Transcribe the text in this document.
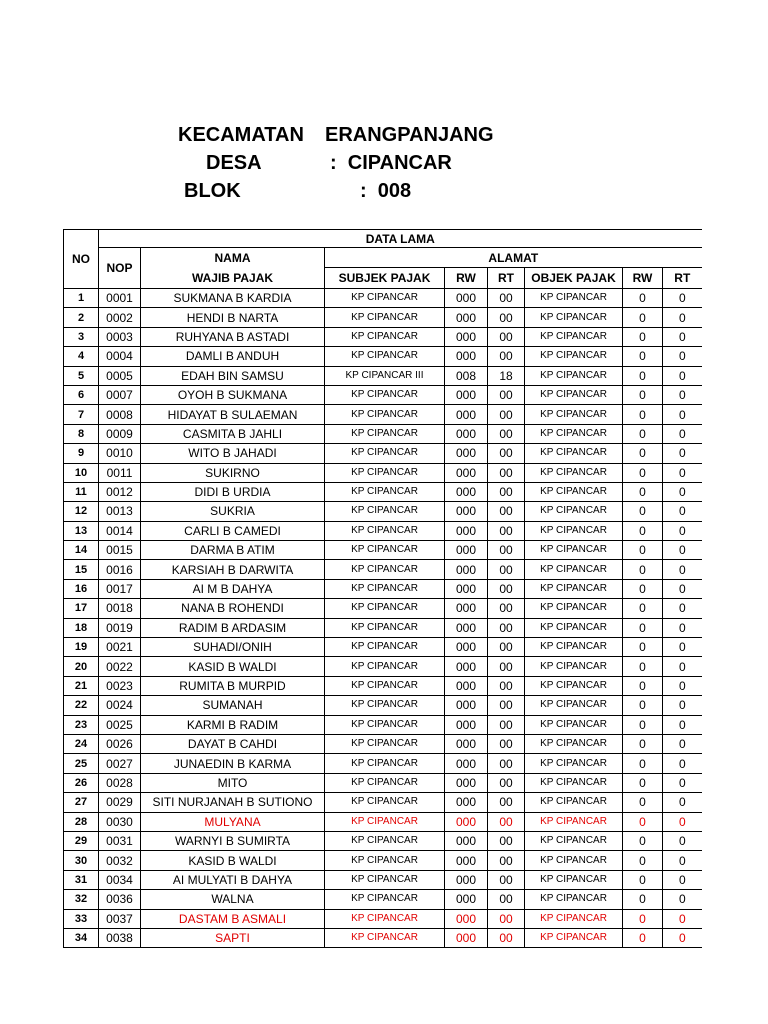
KECAMATAN ERANGPANJANG
DESA	:  CIPANCAR
BLOK	:  008
NO	DATA LAMA							
	NOP	NAMA	ALAMAT					
		WAJIB PAJAK	SUBJEK PAJAK	RW	RT	OBJEK PAJAK	RW	RT
1	0001	SUKMANA B KARDIA	KP CIPANCAR	000	00	KP CIPANCAR	0	0
2	0002	HENDI B NARTA	KP CIPANCAR	000	00	KP CIPANCAR	0	0
3	0003	RUHYANA B ASTADI	KP CIPANCAR	000	00	KP CIPANCAR	0	0
4	0004	DAMLI B ANDUH	KP CIPANCAR	000	00	KP CIPANCAR	0	0
5	0005	EDAH BIN SAMSU	KP CIPANCAR III	008	18	KP CIPANCAR	0	0
6	0007	OYOH B SUKMANA	KP CIPANCAR	000	00	KP CIPANCAR	0	0
7	0008	HIDAYAT B SULAEMAN	KP CIPANCAR	000	00	KP CIPANCAR	0	0
8	0009	CASMITA B JAHLI	KP CIPANCAR	000	00	KP CIPANCAR	0	0
9	0010	WITO B JAHADI	KP CIPANCAR	000	00	KP CIPANCAR	0	0
10	0011	SUKIRNO	KP CIPANCAR	000	00	KP CIPANCAR	0	0
11	0012	DIDI B URDIA	KP CIPANCAR	000	00	KP CIPANCAR	0	0
12	0013	SUKRIA	KP CIPANCAR	000	00	KP CIPANCAR	0	0
13	0014	CARLI B CAMEDI	KP CIPANCAR	000	00	KP CIPANCAR	0	0
14	0015	DARMA B ATIM	KP CIPANCAR	000	00	KP CIPANCAR	0	0
15	0016	KARSIAH B DARWITA	KP CIPANCAR	000	00	KP CIPANCAR	0	0
16	0017	AI M B DAHYA	KP CIPANCAR	000	00	KP CIPANCAR	0	0
17	0018	NANA B ROHENDI	KP CIPANCAR	000	00	KP CIPANCAR	0	0
18	0019	RADIM B ARDASIM	KP CIPANCAR	000	00	KP CIPANCAR	0	0
19	0021	SUHADI/ONIH	KP CIPANCAR	000	00	KP CIPANCAR	0	0
20	0022	KASID B WALDI	KP CIPANCAR	000	00	KP CIPANCAR	0	0
21	0023	RUMITA B MURPID	KP CIPANCAR	000	00	KP CIPANCAR	0	0
22	0024	SUMANAH	KP CIPANCAR	000	00	KP CIPANCAR	0	0
23	0025	KARMI B RADIM	KP CIPANCAR	000	00	KP CIPANCAR	0	0
24	0026	DAYAT B CAHDI	KP CIPANCAR	000	00	KP CIPANCAR	0	0
25	0027	JUNAEDIN B KARMA	KP CIPANCAR	000	00	KP CIPANCAR	0	0
26	0028	MITO	KP CIPANCAR	000	00	KP CIPANCAR	0	0
27	0029	SITI NURJANAH B SUTIONO	KP CIPANCAR	000	00	KP CIPANCAR	0	0
28	0030	MULYANA	KP CIPANCAR	000	00	KP CIPANCAR	0	0
29	0031	WARNYI B SUMIRTA	KP CIPANCAR	000	00	KP CIPANCAR	0	0
30	0032	KASID B WALDI	KP CIPANCAR	000	00	KP CIPANCAR	0	0
31	0034	AI MULYATI B DAHYA	KP CIPANCAR	000	00	KP CIPANCAR	0	0
32	0036	WALNA	KP CIPANCAR	000	00	KP CIPANCAR	0	0
33	0037	DASTAM B ASMALI	KP CIPANCAR	000	00	KP CIPANCAR	0	0
34	0038	SAPTI	KP CIPANCAR	000	00	KP CIPANCAR	0	0
